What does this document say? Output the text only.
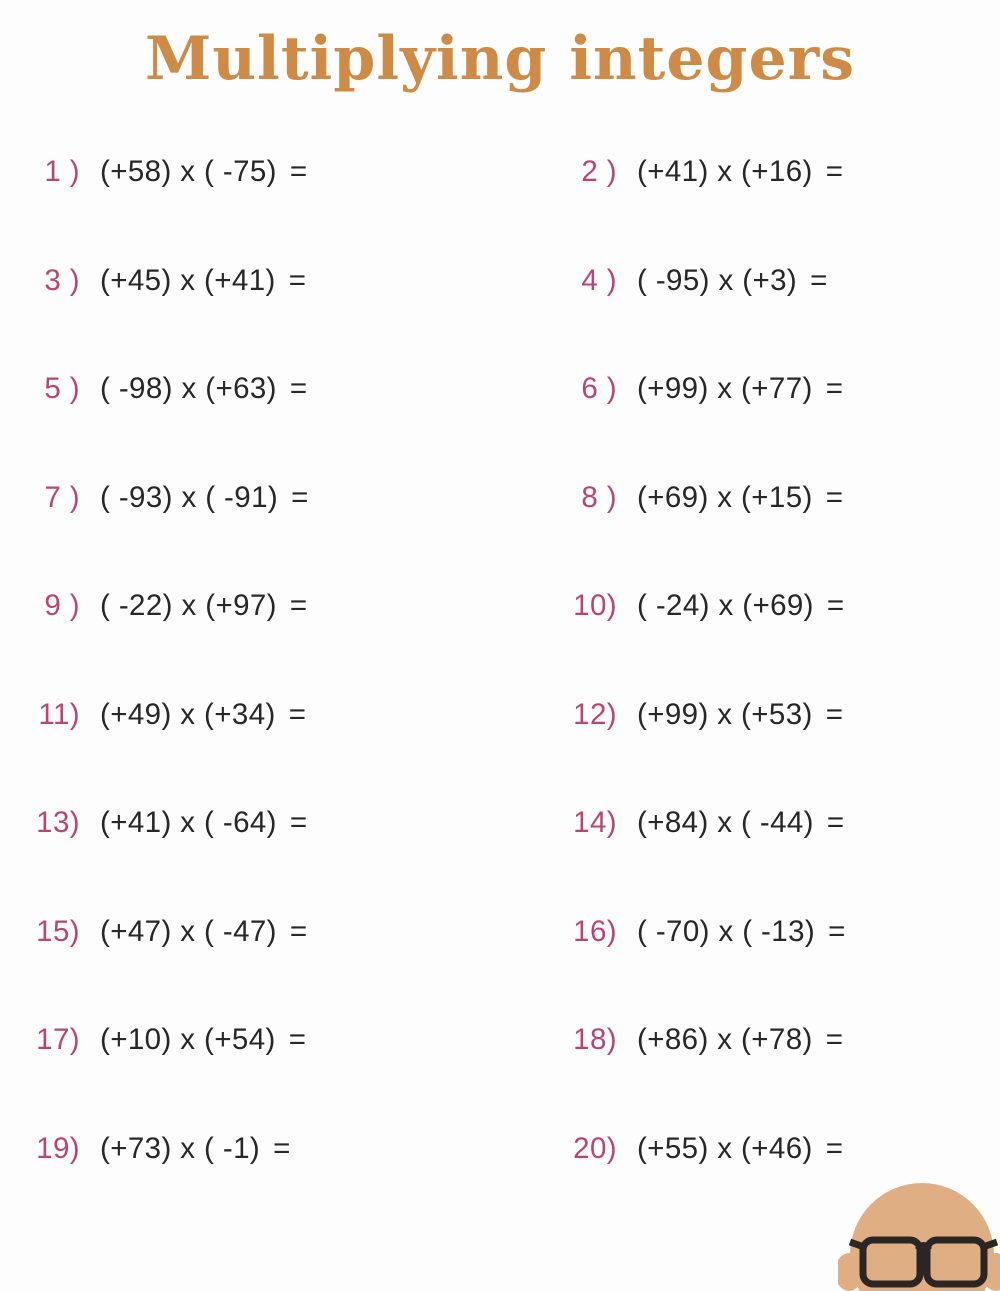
Multiplying integers
1 ) (+58) x ( -75) =	2 ) (+41) x (+16) =
3 ) (+45) x (+41) =	4 ) ( -95) x (+3) =
5 ) ( -98) x (+63) =	6 ) (+99) x (+77) =
7 ) ( -93) x ( -91) =	8 ) (+69) x (+15) =
9 ) ( -22) x (+97) =	10) ( -24) x (+69) =
11) (+49) x (+34) =	12) (+99) x (+53) =
13) (+41) x ( -64) =	14) (+84) x ( -44) =
15) (+47) x ( -47) =	16) ( -70) x ( -13) =
17) (+10) x (+54) =	18) (+86) x (+78) =
19) (+73) x ( -1) =	20) (+55) x (+46) =
